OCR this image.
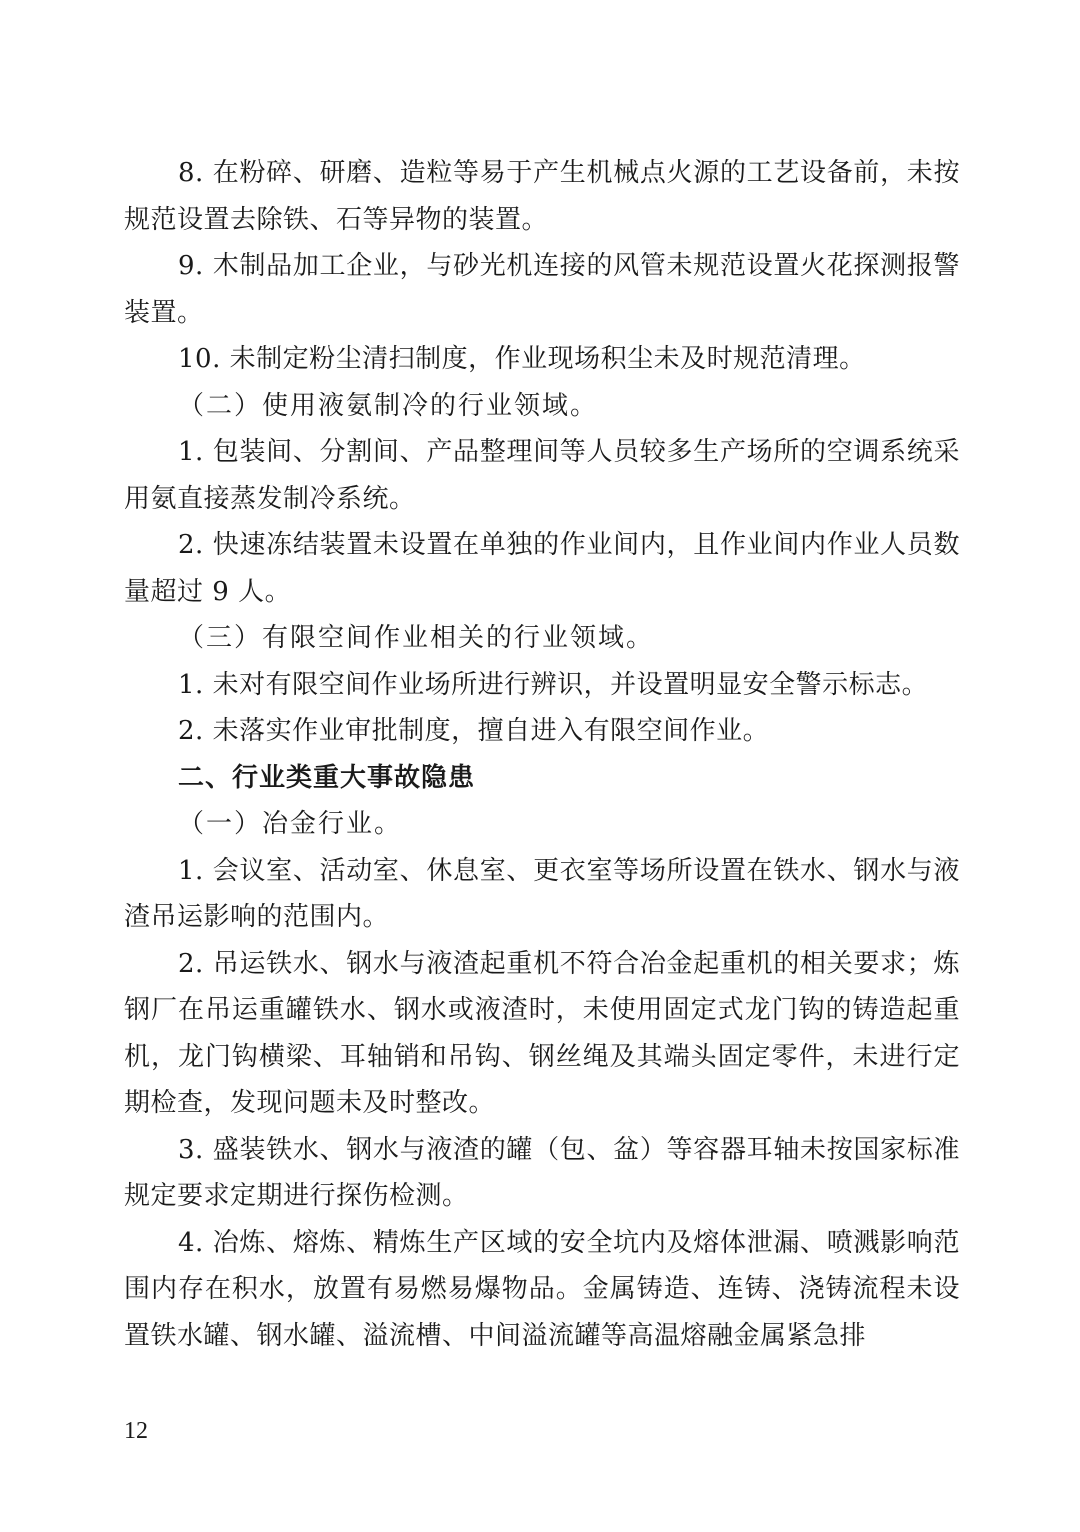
8. 在粉碎、研磨、造粒等易于产生机械点火源的工艺设备前，未按规范设置去除铁、石等异物的装置。

9. 木制品加工企业，与砂光机连接的风管未规范设置火花探测报警装置。

10. 未制定粉尘清扫制度，作业现场积尘未及时规范清理。

（二）使用液氨制冷的行业领域。

1. 包装间、分割间、产品整理间等人员较多生产场所的空调系统采用氨直接蒸发制冷系统。

2. 快速冻结装置未设置在单独的作业间内，且作业间内作业人员数量超过 9 人。

（三）有限空间作业相关的行业领域。

1. 未对有限空间作业场所进行辨识，并设置明显安全警示标志。

2. 未落实作业审批制度，擅自进入有限空间作业。

二、行业类重大事故隐患

（一）冶金行业。

1. 会议室、活动室、休息室、更衣室等场所设置在铁水、钢水与液渣吊运影响的范围内。

2. 吊运铁水、钢水与液渣起重机不符合冶金起重机的相关要求；炼钢厂在吊运重罐铁水、钢水或液渣时，未使用固定式龙门钩的铸造起重机，龙门钩横梁、耳轴销和吊钩、钢丝绳及其端头固定零件，未进行定期检查，发现问题未及时整改。

3. 盛装铁水、钢水与液渣的罐（包、盆）等容器耳轴未按国家标准规定要求定期进行探伤检测。

4. 冶炼、熔炼、精炼生产区域的安全坑内及熔体泄漏、喷溅影响范围内存在积水，放置有易燃易爆物品。金属铸造、连铸、浇铸流程未设置铁水罐、钢水罐、溢流槽、中间溢流罐等高温熔融金属紧急排

12
